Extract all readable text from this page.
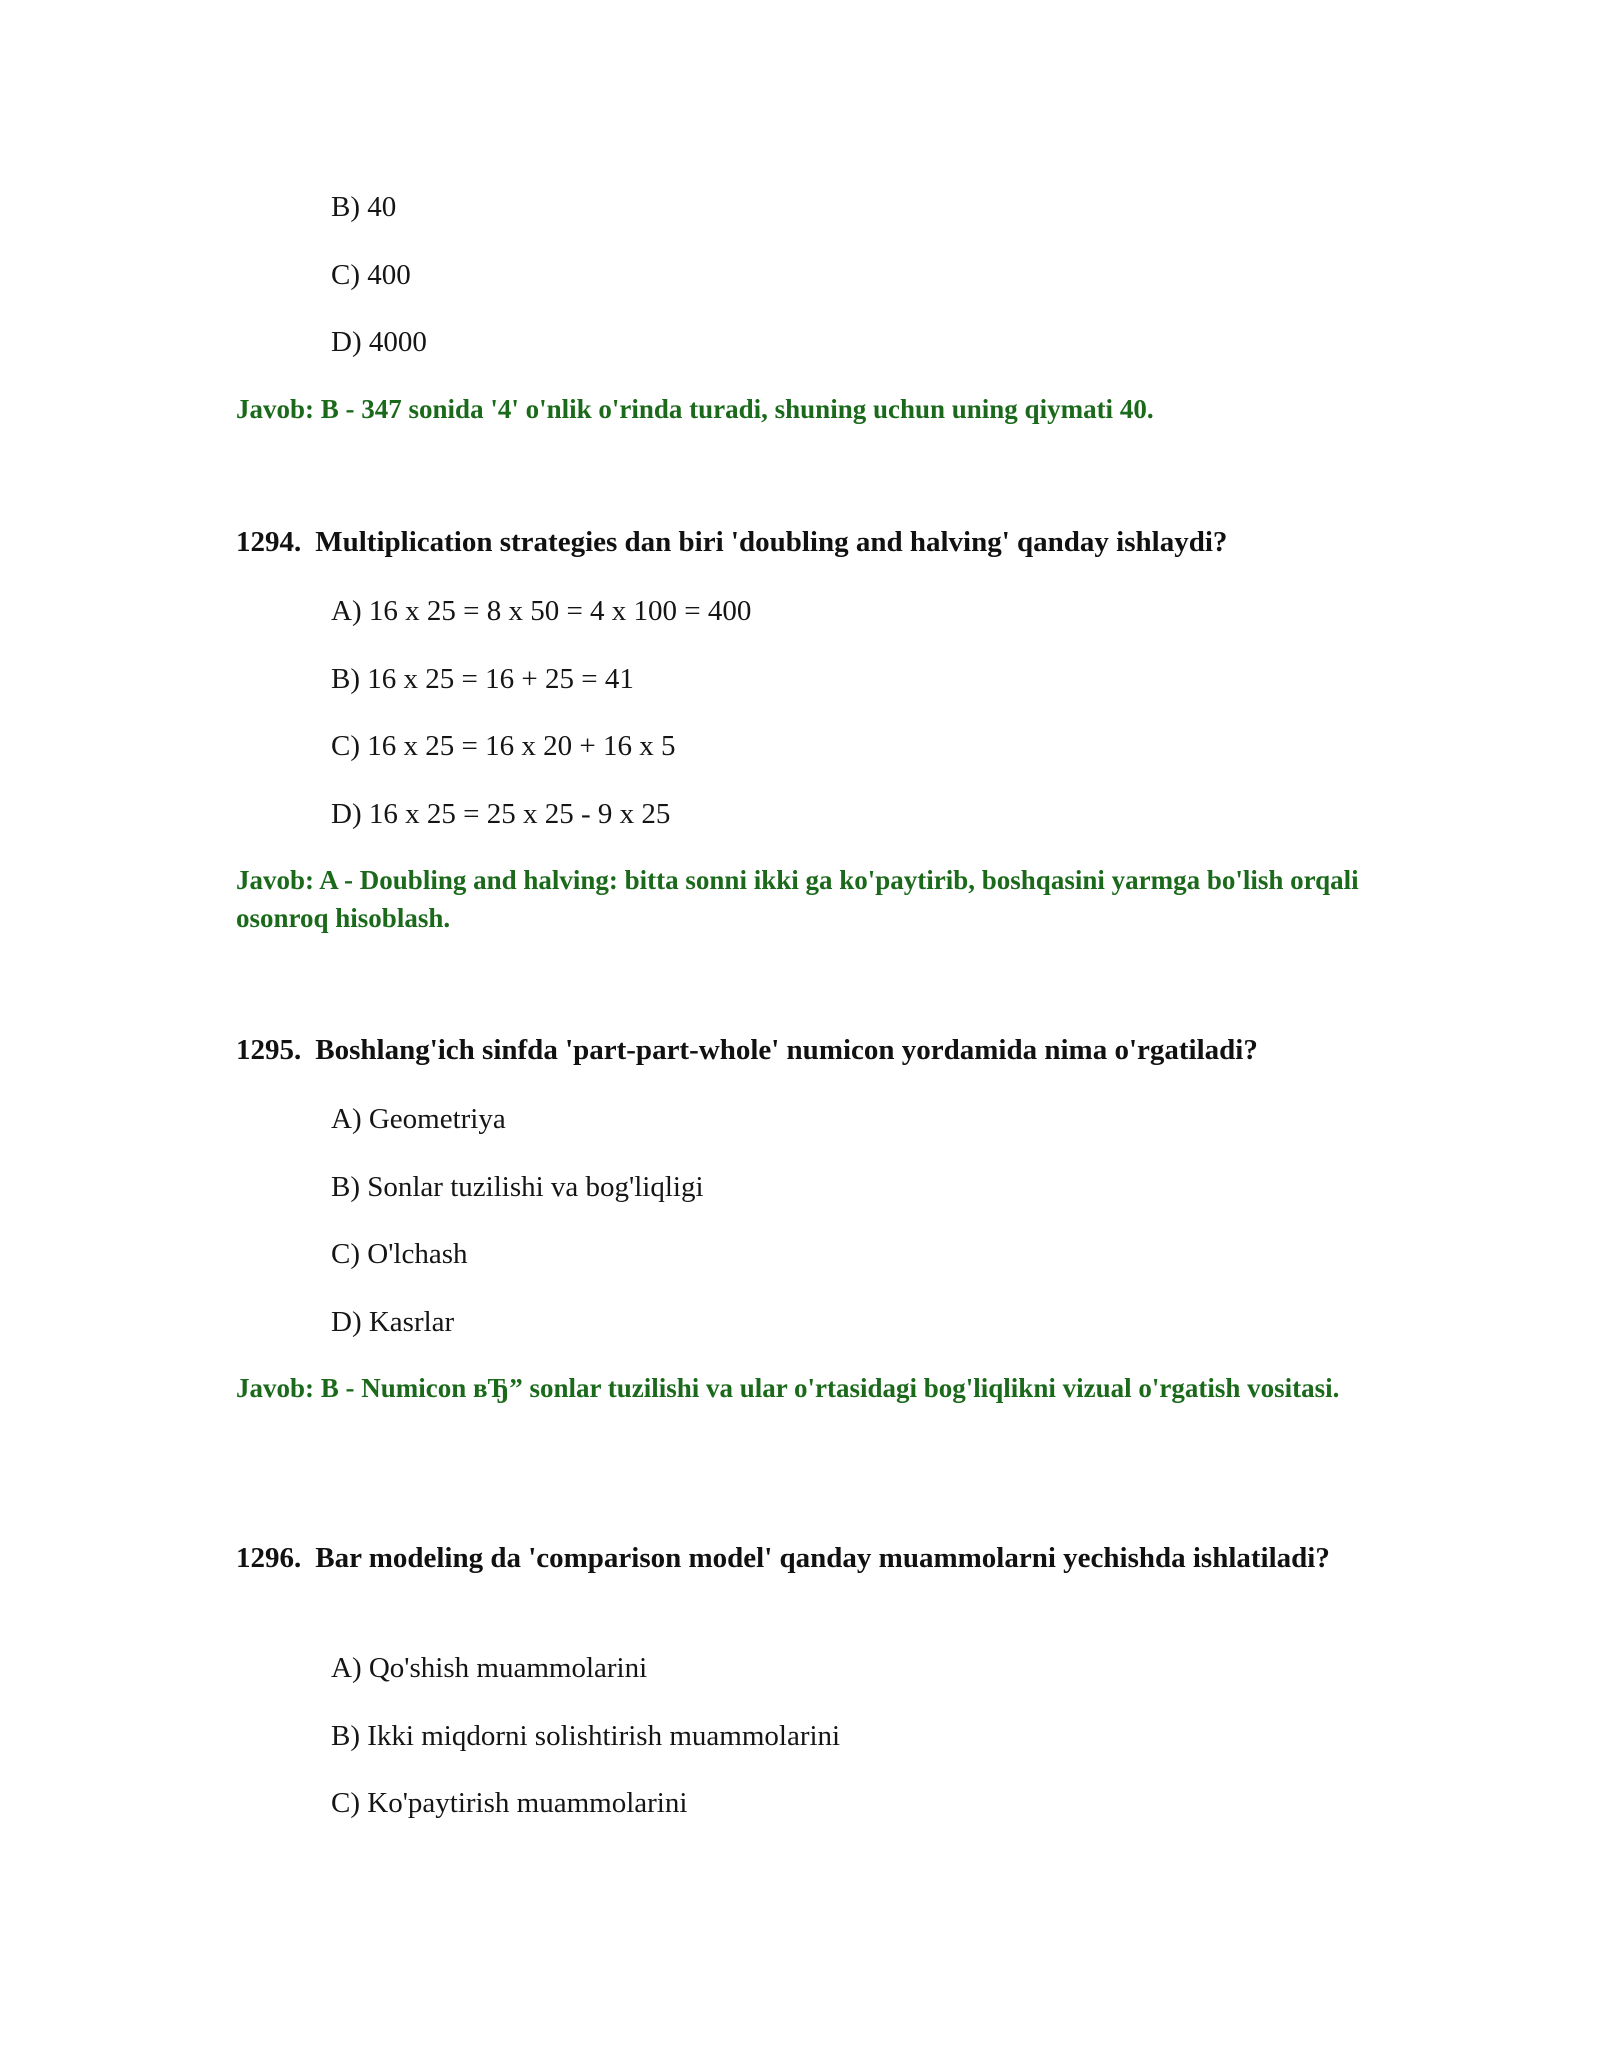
B) 40
C) 400
D) 4000
Javob: B - 347 sonida '4' o'nlik o'rinda turadi, shuning uchun uning qiymati 40.
1294. Multiplication strategies dan biri 'doubling and halving' qanday ishlaydi?
A) 16 x 25 = 8 x 50 = 4 x 100 = 400
B) 16 x 25 = 16 + 25 = 41
C) 16 x 25 = 16 x 20 + 16 x 5
D) 16 x 25 = 25 x 25 - 9 x 25
Javob: A - Doubling and halving: bitta sonni ikki ga ko'paytirib, boshqasini yarmga bo'lish orqali osonroq hisoblash.
1295. Boshlang'ich sinfda 'part-part-whole' numicon yordamida nima o'rgatiladi?
A) Geometriya
B) Sonlar tuzilishi va bog'liqligi
C) O'lchash
D) Kasrlar
Javob: B - Numicon вЂ” sonlar tuzilishi va ular o'rtasidagi bog'liqlikni vizual o'rgatish vositasi.
1296. Bar modeling da 'comparison model' qanday muammolarni yechishda ishlatiladi?
A) Qo'shish muammolarini
B) Ikki miqdorni solishtirish muammolarini
C) Ko'paytirish muammolarini
